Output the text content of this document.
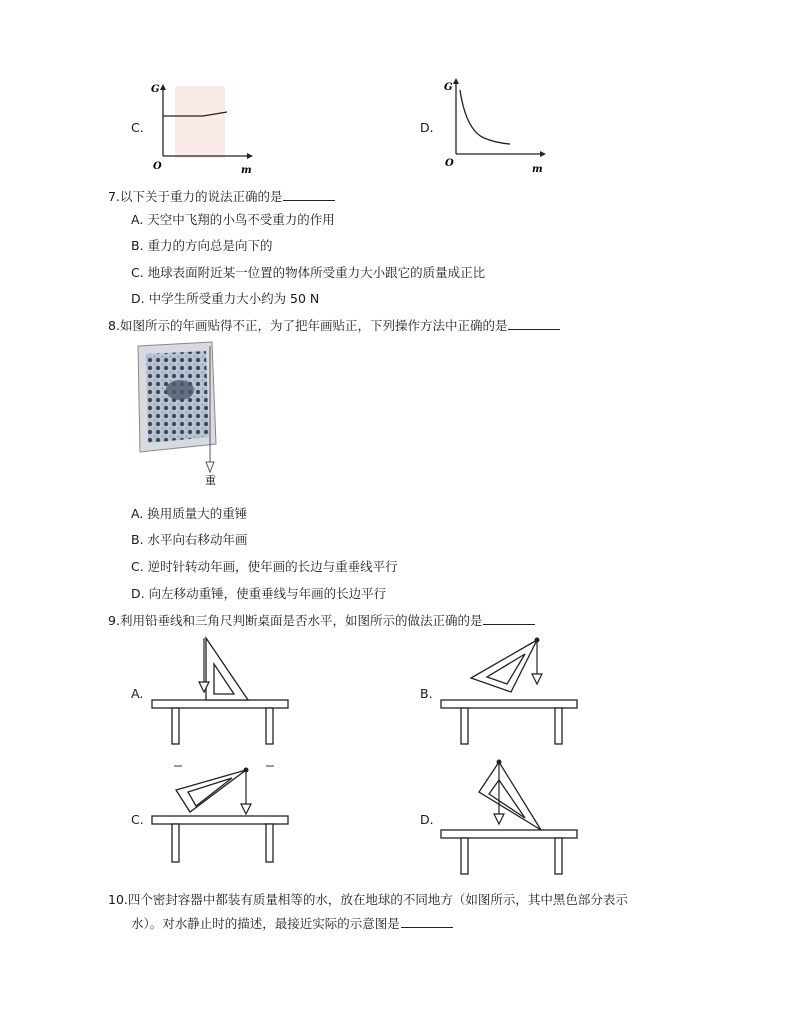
C.
G
m
O
D.
G
m
O
7.以下关于重力的说法正确的是
A. 天空中飞翔的小鸟不受重力的作用
B. 重力的方向总是向下的
C. 地球表面附近某一位置的物体所受重力大小跟它的质量成正比
D. 中学生所受重力大小约为 50 N
8.如图所示的年画贴得不正，为了把年画贴正，下列操作方法中正确的是
重
A. 换用质量大的重锤
B. 水平向右移动年画
C. 逆时针转动年画，使年画的长边与重垂线平行
D. 向左移动重锤，使重垂线与年画的长边平行
9.利用铅垂线和三角尺判断桌面是否水平，如图所示的做法正确的是
A.	B.
C.	D.
10.四个密封容器中都装有质量相等的水，放在地球的不同地方（如图所示，其中黑色部分表示
水）。对水静止时的描述，最接近实际的示意图是
